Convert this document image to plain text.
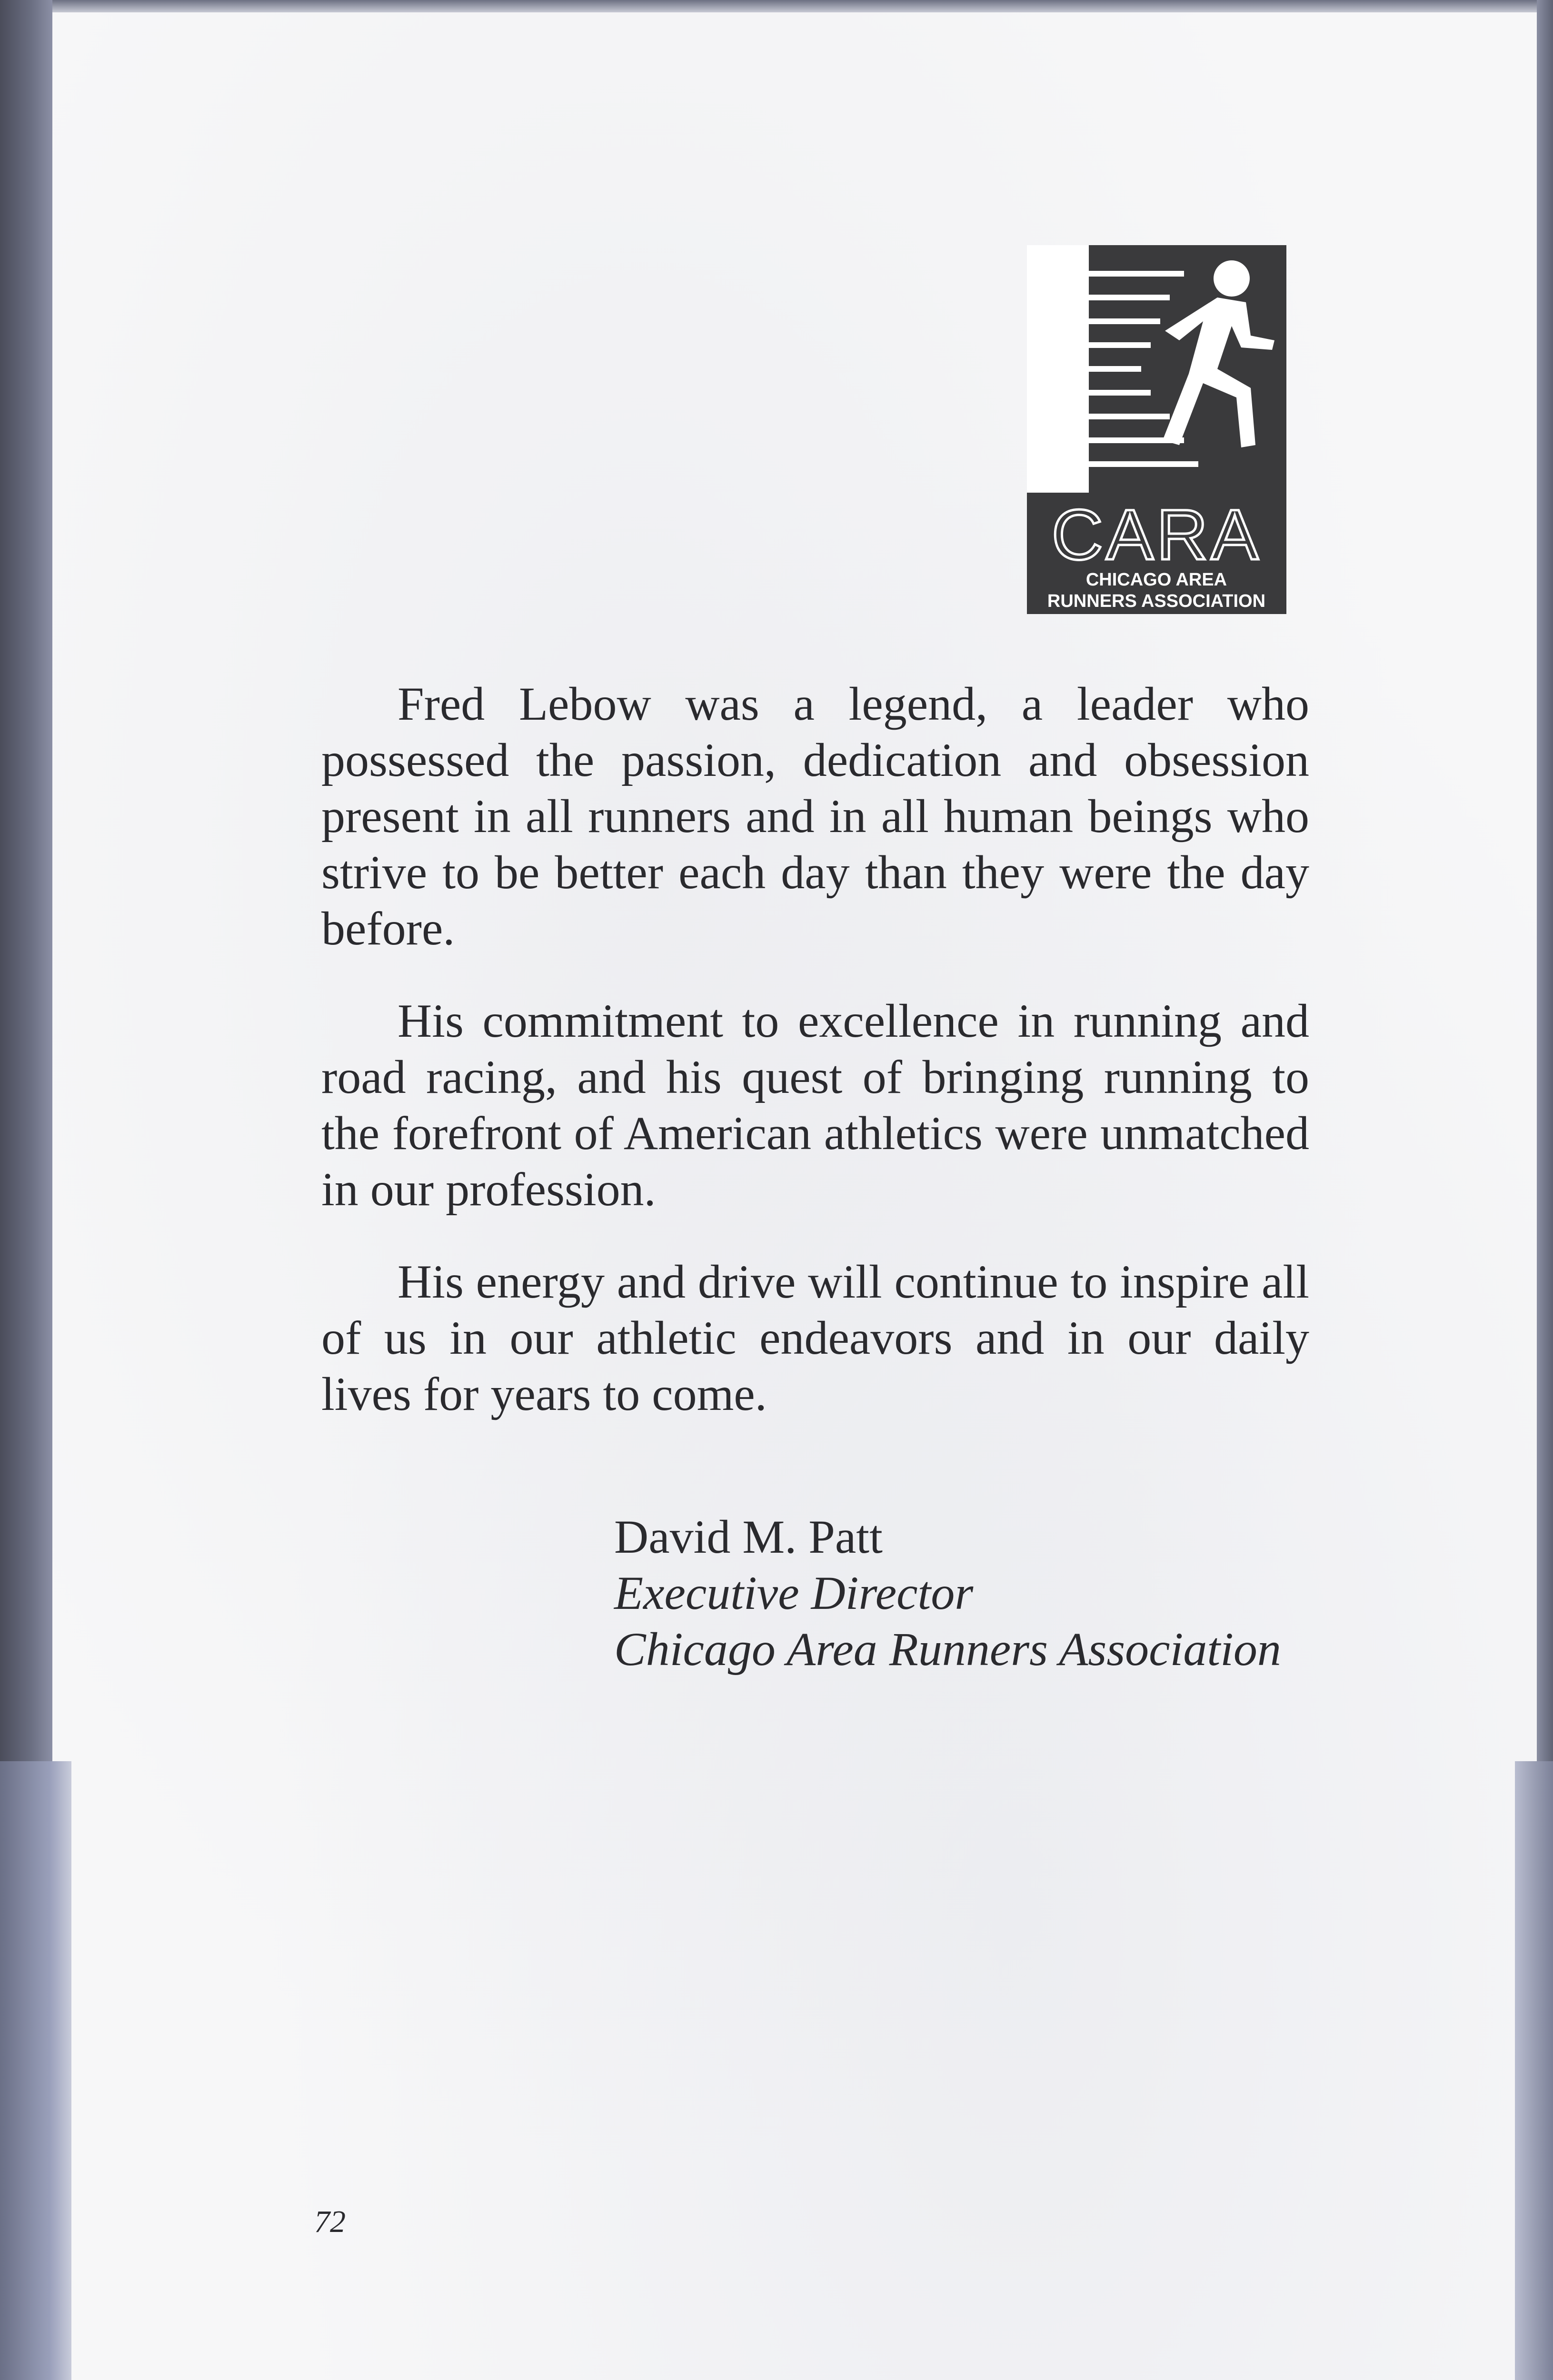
CARA
CHICAGO AREA
RUNNERS ASSOCIATION

Fred Lebow was a legend, a leader who possessed the passion, dedication and obsession present in all runners and in all human beings who strive to be better each day than they were the day before.

His commitment to excellence in running and road racing, and his quest of bringing running to the forefront of American athletics were unmatched in our profession.

His energy and drive will continue to inspire all of us in our athletic endeavors and in our daily lives for years to come.

David M. Patt
Executive Director
Chicago Area Runners Association
72
